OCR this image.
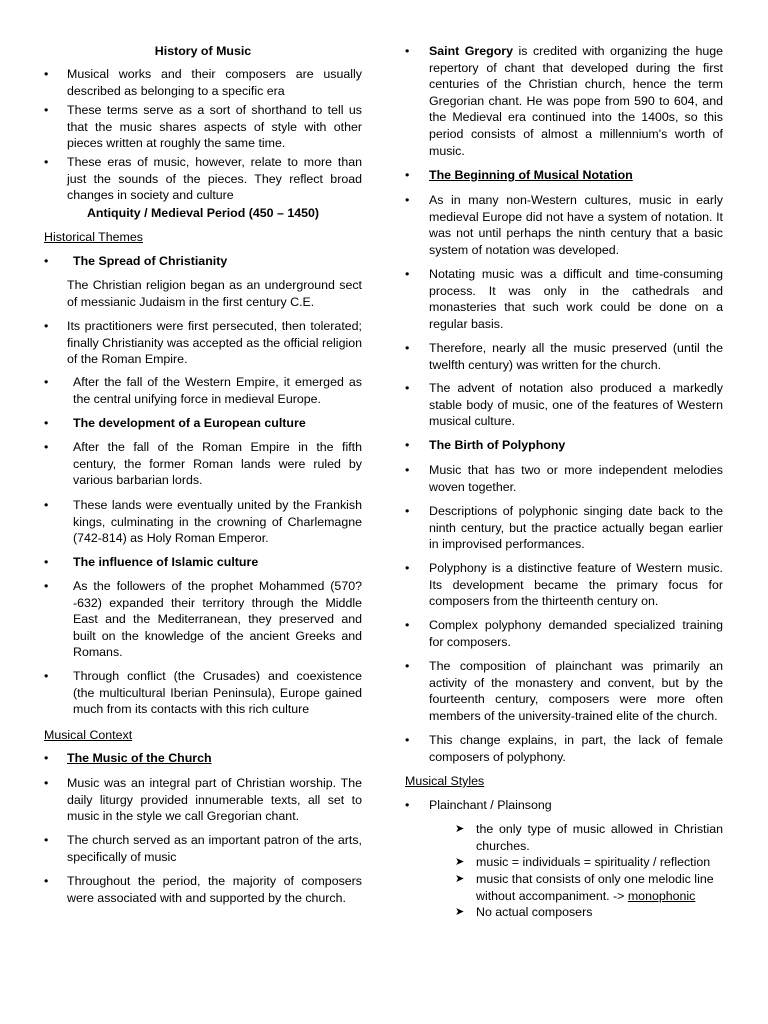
History of Music
•	Musical works and their composers are usually described as belonging to a specific era
•	These terms serve as a sort of shorthand to tell us that the music shares aspects of style with other pieces written at roughly the same time.
•	These eras of music, however, relate to more than just the sounds of the pieces. They reflect broad changes in society and culture
Antiquity / Medieval Period (450 – 1450)
Historical Themes
•	The Spread of Christianity
The Christian religion began as an underground sect of messianic Judaism in the first century C.E.
•	Its practitioners were first persecuted, then tolerated; finally Christianity was accepted as the official religion of the Roman Empire.
•	After the fall of the Western Empire, it emerged as the central unifying force in medieval Europe.
•	The development of a European culture
•	After the fall of the Roman Empire in the fifth century, the former Roman lands were ruled by various barbarian lords.
•	These lands were eventually united by the Frankish kings, culminating in the crowning of Charlemagne (742-814) as Holy Roman Emperor.
•	The influence of Islamic culture
•	As the followers of the prophet Mohammed (570?-632) expanded their territory through the Middle East and the Mediterranean, they preserved and built on the knowledge of the ancient Greeks and Romans.
•	Through conflict (the Crusades) and coexistence (the multicultural Iberian Peninsula), Europe gained much from its contacts with this rich culture
Musical Context
•	The Music of the Church
•	Music was an integral part of Christian worship. The daily liturgy provided innumerable texts, all set to music in the style we call Gregorian chant.
•	The church served as an important patron of the arts, specifically of music
•	Throughout the period, the majority of composers were associated with and supported by the church.
•	Saint Gregory is credited with organizing the huge repertory of chant that developed during the first centuries of the Christian church, hence the term Gregorian chant. He was pope from 590 to 604, and the Medieval era continued into the 1400s, so this period consists of almost a millennium's worth of music.
•	The Beginning of Musical Notation
•	As in many non-Western cultures, music in early medieval Europe did not have a system of notation. It was not until perhaps the ninth century that a basic system of notation was developed.
•	Notating music was a difficult and time-consuming process. It was only in the cathedrals and monasteries that such work could be done on a regular basis.
•	Therefore, nearly all the music preserved (until the twelfth century) was written for the church.
•	The advent of notation also produced a markedly stable body of music, one of the features of Western musical culture.
•	The Birth of Polyphony
•	Music that has two or more independent melodies woven together.
•	Descriptions of polyphonic singing date back to the ninth century, but the practice actually began earlier in improvised performances.
•	Polyphony is a distinctive feature of Western music. Its development became the primary focus for composers from the thirteenth century on.
•	Complex polyphony demanded specialized training for composers.
•	The composition of plainchant was primarily an activity of the monastery and convent, but by the fourteenth century, composers were more often members of the university-trained elite of the church.
•	This change explains, in part, the lack of female composers of polyphony.
Musical Styles
•	Plainchant / Plainsong
➤ the only type of music allowed in Christian churches.
➤ music = individuals = spirituality / reflection
➤ music that consists of only one melodic line without accompaniment. -> monophonic
➤ No actual composers
